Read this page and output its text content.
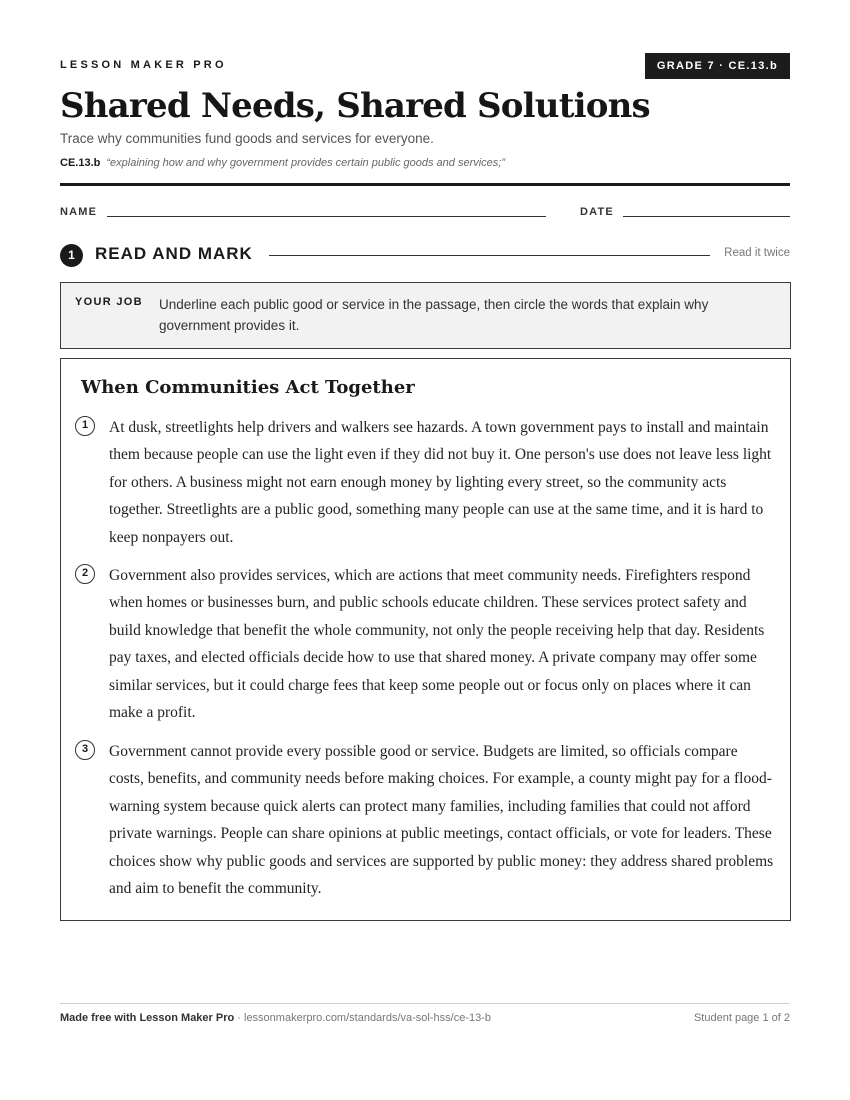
LESSON MAKER PRO	GRADE 7 · CE.13.b
Shared Needs, Shared Solutions
Trace why communities fund goods and services for everyone.
CE.13.b “explaining how and why government provides certain public goods and services;”
NAME	DATE
1	READ AND MARK	Read it twice
YOUR JOB Underline each public good or service in the passage, then circle the words that explain why government provides it.
When Communities Act Together
1	At dusk, streetlights help drivers and walkers see hazards. A town government pays to install and maintain them because people can use the light even if they did not buy it. One person's use does not leave less light for others. A business might not earn enough money by lighting every street, so the community acts together. Streetlights are a public good, something many people can use at the same time, and it is hard to keep nonpayers out.

2	Government also provides services, which are actions that meet community needs. Firefighters respond when homes or businesses burn, and public schools educate children. These services protect safety and build knowledge that benefit the whole community, not only the people receiving help that day. Residents pay taxes, and elected officials decide how to use that shared money. A private company may offer some similar services, but it could charge fees that keep some people out or focus only on places where it can make a profit.

3	Government cannot provide every possible good or service. Budgets are limited, so officials compare costs, benefits, and community needs before making choices. For example, a county might pay for a flood-warning system because quick alerts can protect many families, including families that could not afford private warnings. People can share opinions at public meetings, contact officials, or vote for leaders. These choices show why public goods and services are supported by public money: they address shared problems and aim to benefit the community.

Made free with Lesson Maker Pro · lessonmakerpro.com/standards/va-sol-hss/ce-13-b	Student page 1 of 2
